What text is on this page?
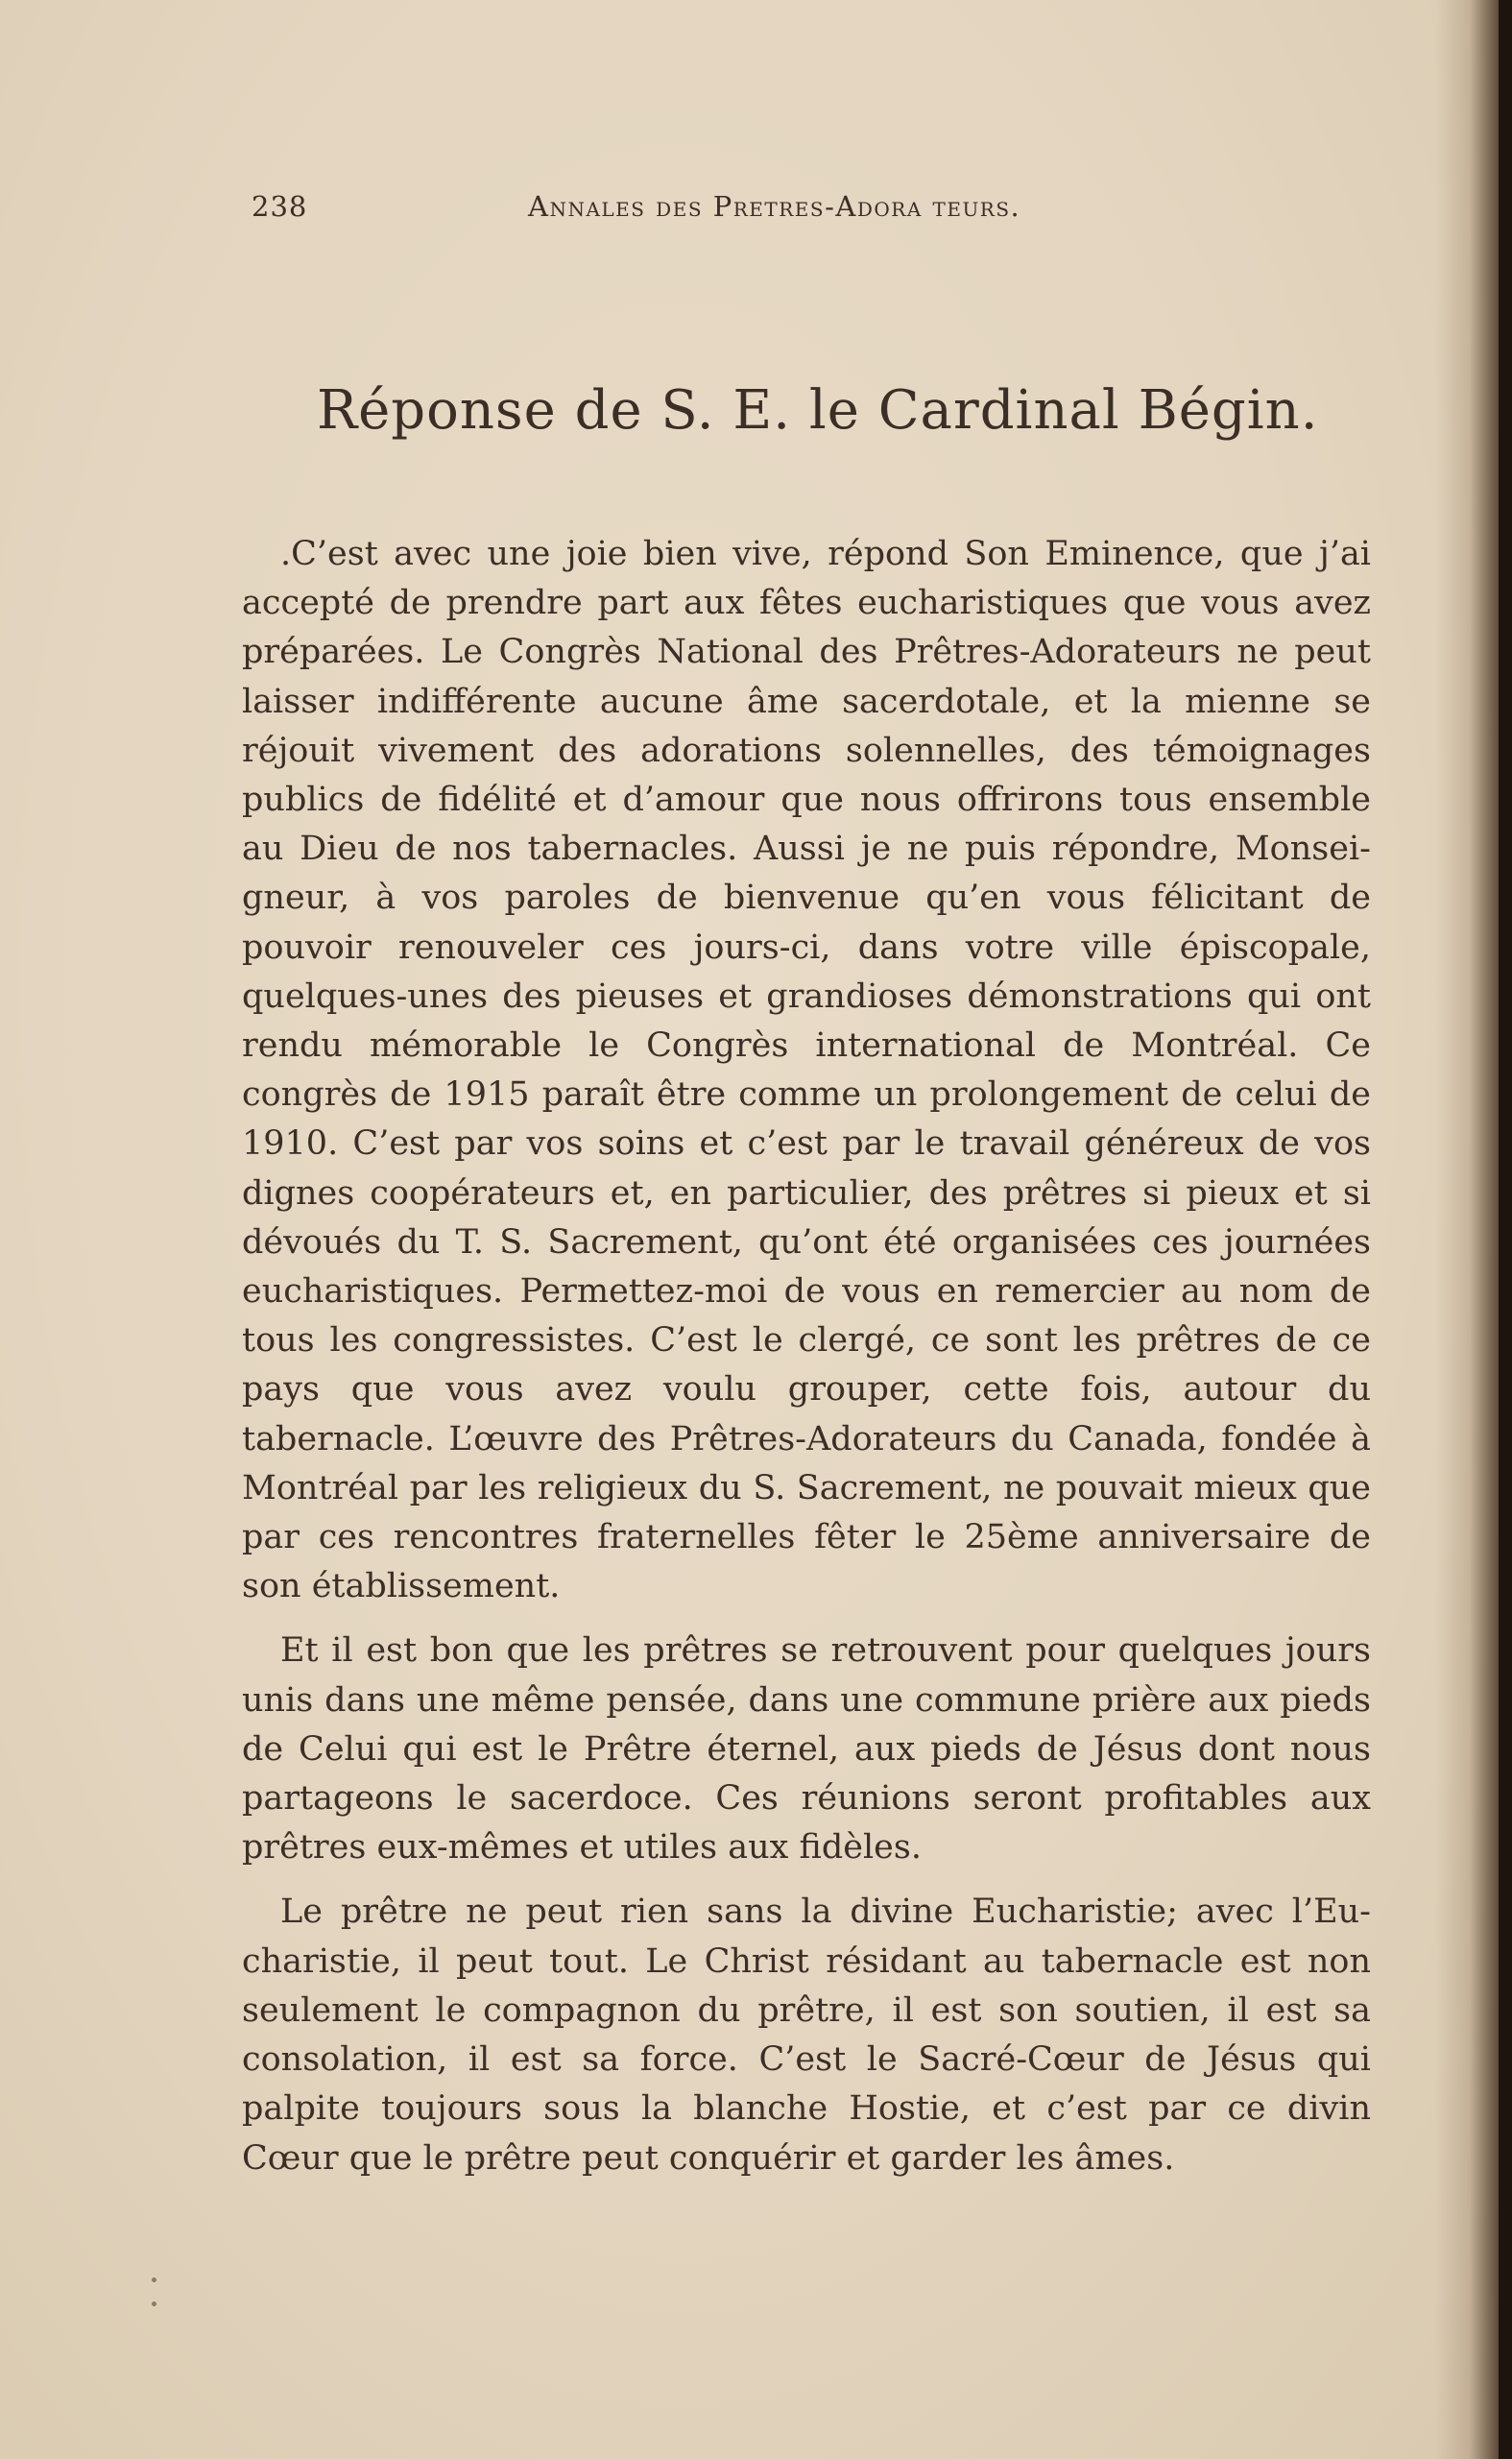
238	Annales des Pretres-Adora teurs.
Réponse de S. E. le Cardinal Bégin.

.C’est avec une joie bien vive, répond Son Eminence, que j’ai accepté de prendre part aux fêtes eucharistiques que vous avez préparées. Le Congrès National des Prêtres-Adorateurs ne peut laisser indifférente aucune âme sacerdotale, et la mienne se réjouit vivement des adorations solennelles, des témoignages publics de fidélité et d’amour que nous offrirons tous ensemble au Dieu de nos tabernacles. Aussi je ne puis répondre, Monseigneur, à vos paroles de bienvenue qu’en vous félicitant de pouvoir renouveler ces jours-ci, dans votre ville épiscopale, quelques-unes des pieuses et grandioses démonstrations qui ont rendu mémorable le Congrès international de Montréal. Ce congrès de 1915 paraît être comme un prolongement de celui de 1910. C’est par vos soins et c’est par le travail généreux de vos dignes coopérateurs et, en particulier, des prêtres si pieux et si dévoués du T. S. Sacrement, qu’ont été organisées ces journées eucharistiques. Permettez-moi de vous en remercier au nom de tous les congressistes. C’est le clergé, ce sont les prêtres de ce pays que vous avez voulu grouper, cette fois, autour du tabernacle. L’œuvre des Prêtres-Adorateurs du Canada, fondée à Montréal par les religieux du S. Sacrement, ne pouvait mieux que par ces rencontres fraternelles fêter le 25ème anniversaire de son établissement.

Et il est bon que les prêtres se retrouvent pour quelques jours unis dans une même pensée, dans une commune prière aux pieds de Celui qui est le Prêtre éternel, aux pieds de Jésus dont nous partageons le sacerdoce. Ces réunions seront profitables aux prêtres eux-mêmes et utiles aux fidèles.

Le prêtre ne peut rien sans la divine Eucharistie; avec l’Eucharistie, il peut tout. Le Christ résidant au tabernacle est non seulement le compagnon du prêtre, il est son soutien, il est sa consolation, il est sa force. C’est le Sacré-Cœur de Jésus qui palpite toujours sous la blanche Hostie, et c’est par ce divin Cœur que le prêtre peut conquérir et garder les âmes.
